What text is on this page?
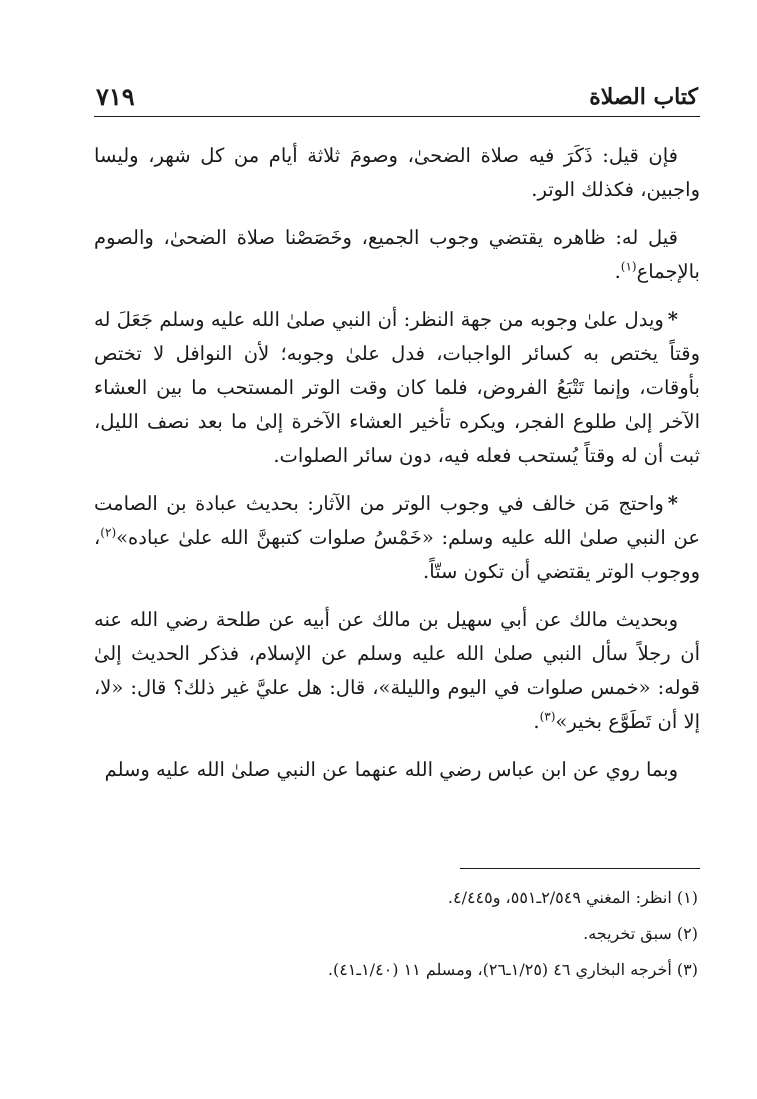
كتاب الصلاة
٧١٩

فإن قيل: ذَكَرَ فيه صلاة الضحىٰ، وصومَ ثلاثة أيام من كل شهر، وليسا واجبين، فكذلك الوتر.

قيل له: ظاهره يقتضي وجوب الجميع، وخَصَصْنا صلاة الضحىٰ، والصوم بالإجماع$^{(١)}$.

*ويدل علىٰ وجوبه من جهة النظر: أن النبي صلىٰ الله عليه وسلم جَعَلَ له وقتاً يختص به كسائر الواجبات، فدل علىٰ وجوبه؛ لأن النوافل لا تختص بأوقات، وإنما تَتْبَعُ الفروض، فلما كان وقت الوتر المستحب ما بين العشاء الآخر إلىٰ طلوع الفجر، ويكره تأخير العشاء الآخرة إلىٰ ما بعد نصف الليل، ثبت أن له وقتاً يُستحب فعله فيه، دون سائر الصلوات.

*واحتج مَن خالف في وجوب الوتر من الآثار: بحديث عبادة بن الصامت عن النبي صلىٰ الله عليه وسلم: «خَمْسُ صلوات كتبهنَّ الله علىٰ عباده»$^{(٢)}$، ووجوب الوتر يقتضي أن تكون ستّاً.

وبحديث مالك عن أبي سهيل بن مالك عن أبيه عن طلحة رضي الله عنه أن رجلاً سأل النبي صلىٰ الله عليه وسلم عن الإسلام، فذكر الحديث إلىٰ قوله: «خمس صلوات في اليوم والليلة»، قال: هل عليَّ غير ذلك؟ قال: «لا، إلا أن تَطَوَّع بخير»$^{(٣)}$.

وبما روي عن ابن عباس رضي الله عنهما عن النبي صلىٰ الله عليه وسلم

(١) انظر: المغني ٢/٥٤٩ـ٥٥١، و٤/٤٤٥.
(٢) سبق تخريجه.
(٣) أخرجه البخاري ٤٦ (١/٢٥ـ٢٦)، ومسلم ١١ (١/٤٠ـ٤١).
